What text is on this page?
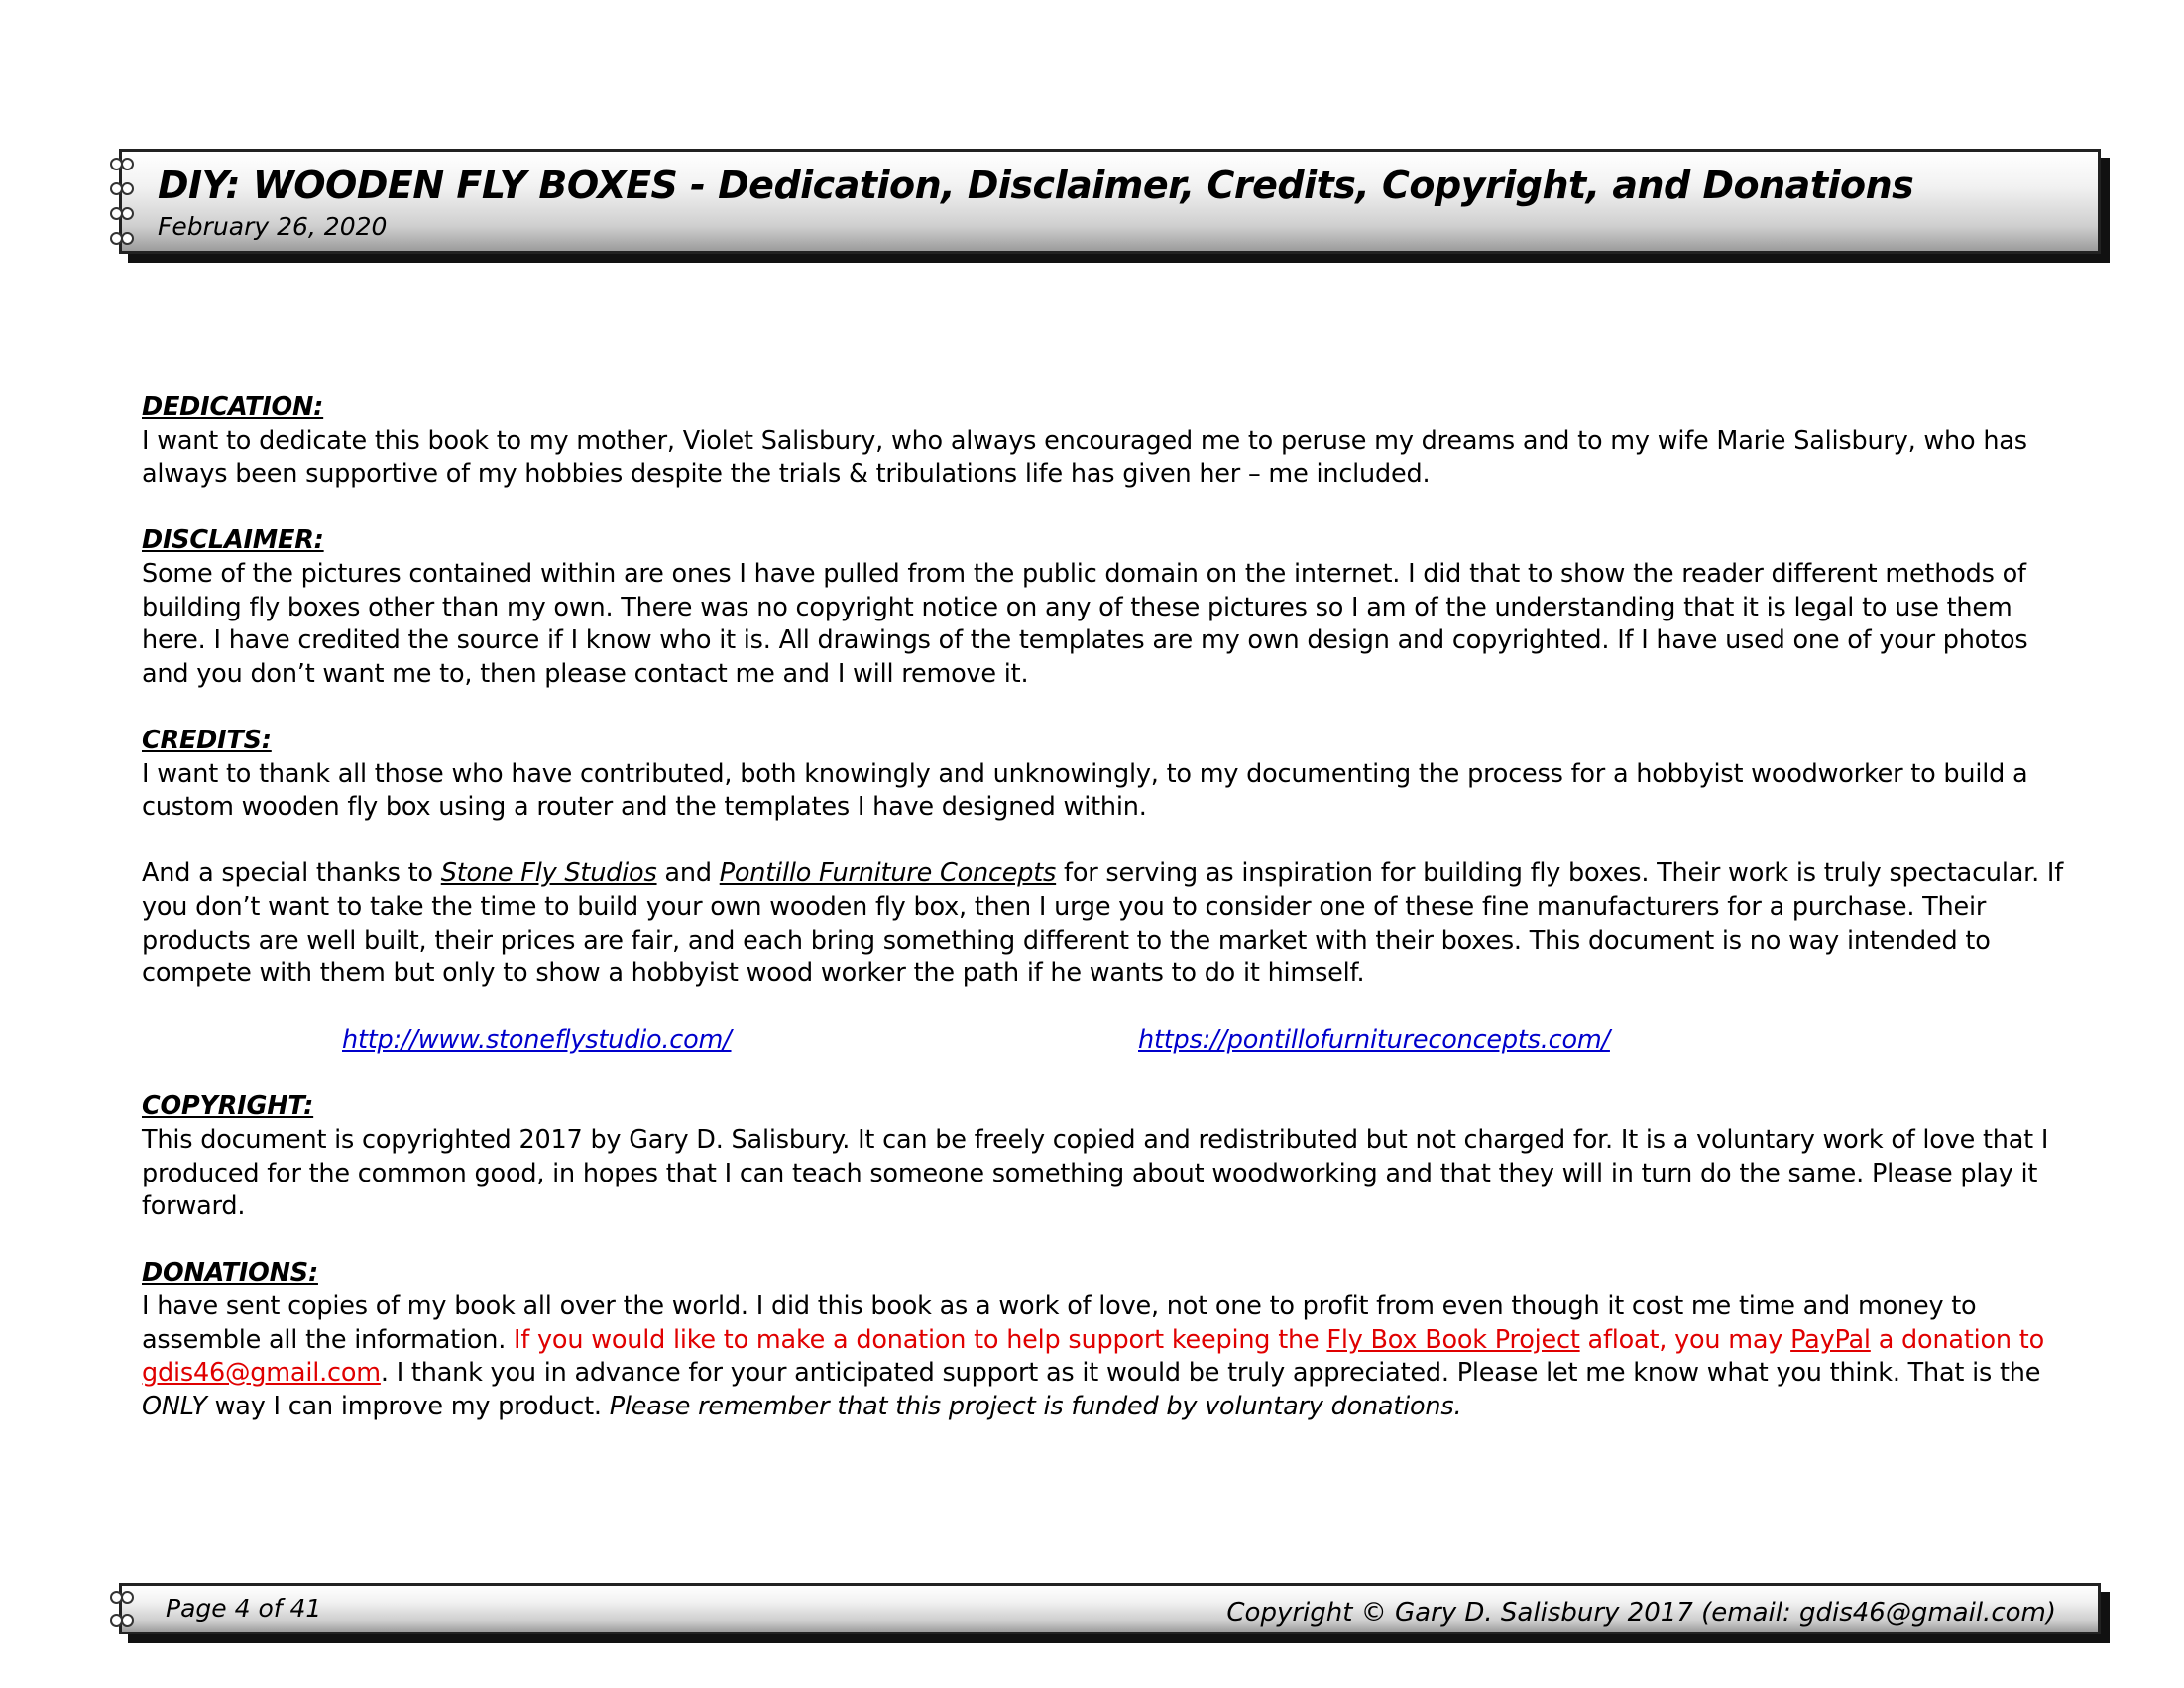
DIY: WOODEN FLY BOXES - Dedication, Disclaimer, Credits, Copyright, and Donations
February 26, 2020
DEDICATION:

I want to dedicate this book to my mother, Violet Salisbury, who always encouraged me to peruse my dreams and to my wife Marie Salisbury, who has always been supportive of my hobbies despite the trials & tribulations life has given her – me included.

DISCLAIMER:

Some of the pictures contained within are ones I have pulled from the public domain on the internet. I did that to show the reader different methods of building fly boxes other than my own. There was no copyright notice on any of these pictures so I am of the understanding that it is legal to use them here. I have credited the source if I know who it is. All drawings of the templates are my own design and copyrighted. If I have used one of your photos and you don’t want me to, then please contact me and I will remove it.

CREDITS:

I want to thank all those who have contributed, both knowingly and unknowingly, to my documenting the process for a hobbyist woodworker to build a custom wooden fly box using a router and the templates I have designed within.

And a special thanks to Stone Fly Studios and Pontillo Furniture Concepts for serving as inspiration for building fly boxes. Their work is truly spectacular. If you don’t want to take the time to build your own wooden fly box, then I urge you to consider one of these fine manufacturers for a purchase. Their products are well built, their prices are fair, and each bring something different to the market with their boxes. This document is no way intended to compete with them but only to show a hobbyist wood worker the path if he wants to do it himself.

http://www.stoneflystudio.com/	https://pontillofurnitureconcepts.com/
COPYRIGHT:

This document is copyrighted 2017 by Gary D. Salisbury. It can be freely copied and redistributed but not charged for. It is a voluntary work of love that I produced for the common good, in hopes that I can teach someone something about woodworking and that they will in turn do the same. Please play it forward.

DONATIONS:

I have sent copies of my book all over the world. I did this book as a work of love, not one to profit from even though it cost me time and money to assemble all the information. If you would like to make a donation to help support keeping the Fly Box Book Project afloat, you may PayPal a donation to gdis46@gmail.com. I thank you in advance for your anticipated support as it would be truly appreciated. Please let me know what you think. That is the ONLY way I can improve my product. Please remember that this project is funded by voluntary donations.

Page 4 of 41	Copyright © Gary D. Salisbury 2017 (email: gdis46@gmail.com)
